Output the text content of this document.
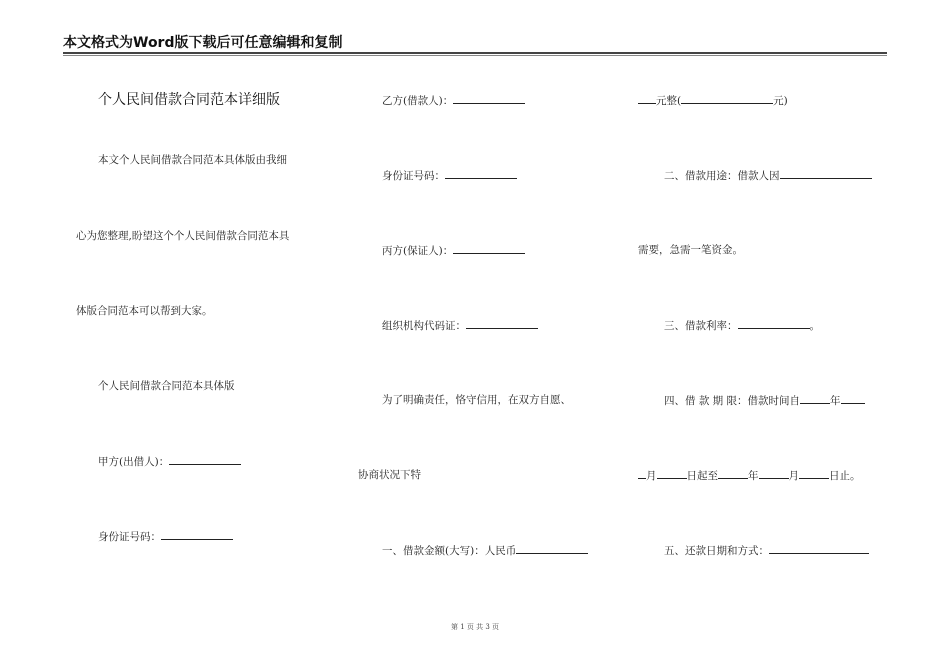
本文格式为Word版下载后可任意编辑和复制
个人民间借款合同范本详细版
本文个人民间借款合同范本具体版由我细
心为您整理,盼望这个个人民间借款合同范本具
体版合同范本可以帮到大家。
个人民间借款合同范本具体版
甲方(出借人)：
身份证号码：
乙方(借款人)：
身份证号码：
丙方(保证人)：
组织机构代码证：
为了明确责任，恪守信用，在双方自愿、
协商状况下特
一、借款金额(大写)：人民币
元整(	元)
二、借款用途：借款人因
需要，急需一笔资金。
三、借款利率：	。
四、借 款 期 限：借款时间自	年
月	日起至	年	月	日止。
五、还款日期和方式：
第 1 页 共 3 页
